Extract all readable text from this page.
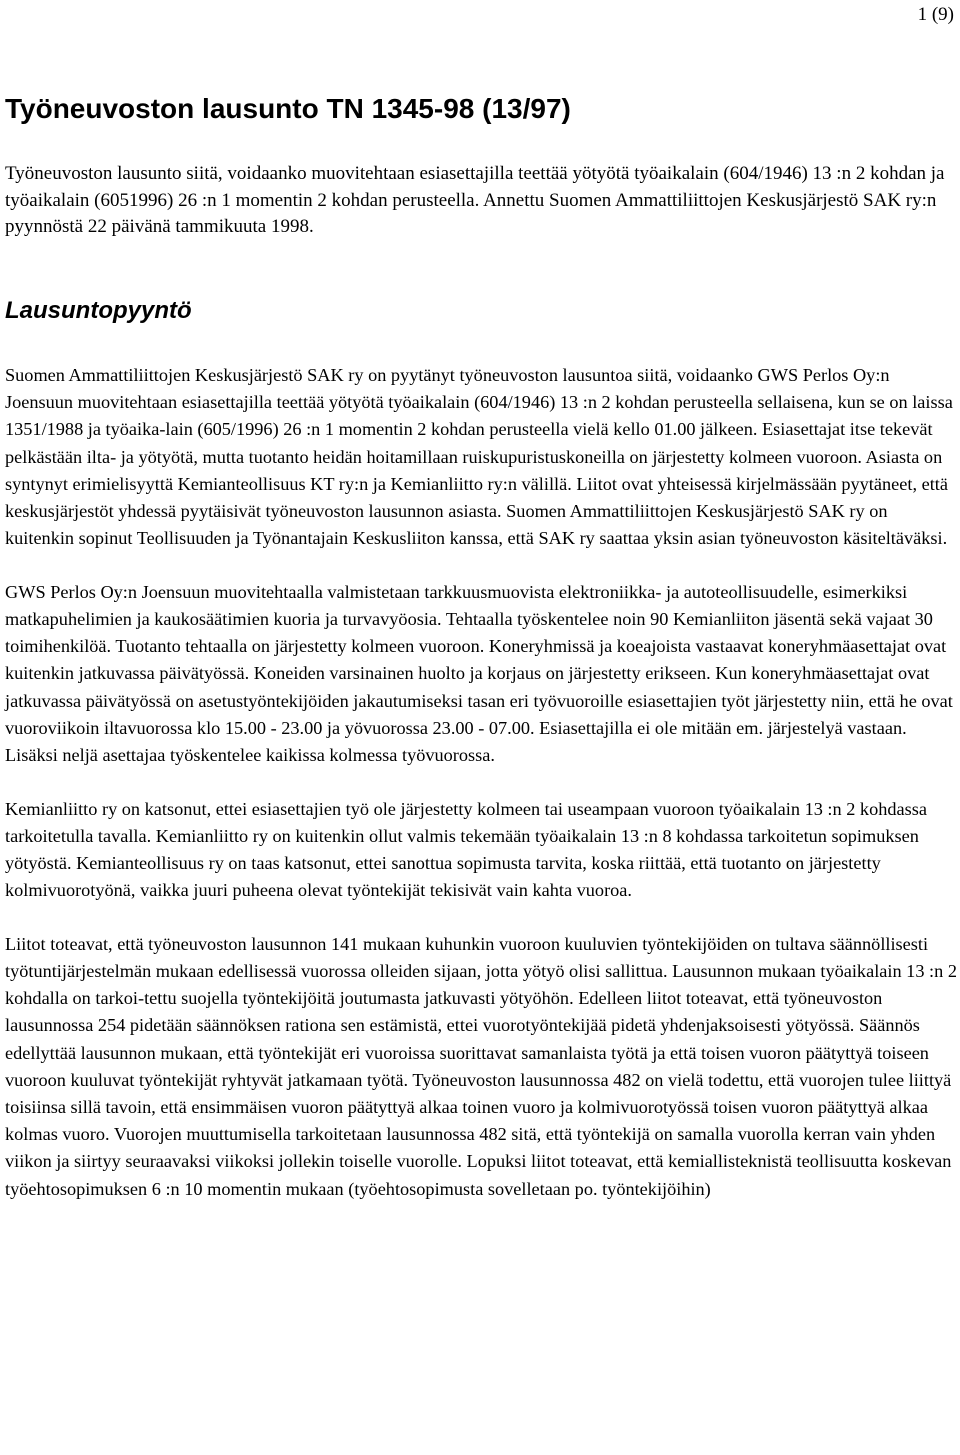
1 (9)
Työneuvoston lausunto TN 1345-98 (13/97)

Työneuvoston lausunto siitä, voidaanko muovitehtaan esiasettajilla teettää yötyötä työaikalain (604/1946) 13 :n 2 kohdan ja työaikalain (6051996) 26 :n 1 momentin 2 kohdan perusteella. Annettu Suomen Ammattiliittojen Keskusjärjestö SAK ry:n pyynnöstä 22 päivänä tammikuuta 1998.

Lausuntopyyntö

Suomen Ammattiliittojen Keskusjärjestö SAK ry on pyytänyt työneuvoston lausuntoa siitä, voidaanko GWS Perlos Oy:n Joensuun muovitehtaan esiasettajilla teettää yötyötä työaikalain (604/1946) 13 :n 2 kohdan perusteella sellaisena, kun se on laissa 1351/1988 ja työaika-lain (605/1996) 26 :n 1 momentin 2 kohdan perusteella vielä kello 01.00 jälkeen. Esiasettajat itse tekevät pelkästään ilta- ja yötyötä, mutta tuotanto heidän hoitamillaan ruiskupuristuskoneilla on järjestetty kolmeen vuoroon. Asiasta on syntynyt erimielisyyttä Kemianteollisuus KT ry:n ja Kemianliitto ry:n välillä. Liitot ovat yhteisessä kirjelmässään pyytäneet, että keskusjärjestöt yhdessä pyytäisivät työneuvoston lausunnon asiasta. Suomen Ammattiliittojen Keskusjärjestö SAK ry on kuitenkin sopinut Teollisuuden ja Työnantajain Keskusliiton kanssa, että SAK ry saattaa yksin asian työneuvoston käsiteltäväksi.

GWS Perlos Oy:n Joensuun muovitehtaalla valmistetaan tarkkuusmuovista elektroniikka- ja autoteollisuudelle, esimerkiksi matkapuhelimien ja kaukosäätimien kuoria ja turvavyöosia. Tehtaalla työskentelee noin 90 Kemianliiton jäsentä sekä vajaat 30 toimihenkilöä. Tuotanto tehtaalla on järjestetty kolmeen vuoroon. Koneryhmissä ja koeajoista vastaavat koneryhmäasettajat ovat kuitenkin jatkuvassa päivätyössä. Koneiden varsinainen huolto ja korjaus on järjestetty erikseen. Kun koneryhmäasettajat ovat jatkuvassa päivätyössä on asetustyöntekijöiden jakautumiseksi tasan eri työvuoroille esiasettajien työt järjestetty niin, että he ovat vuoroviikoin iltavuorossa klo 15.00 - 23.00 ja yövuorossa 23.00 - 07.00. Esiasettajilla ei ole mitään em. järjestelyä vastaan. Lisäksi neljä asettajaa työskentelee kaikissa kolmessa työvuorossa.

Kemianliitto ry on katsonut, ettei esiasettajien työ ole järjestetty kolmeen tai useampaan vuoroon työaikalain 13 :n 2 kohdassa tarkoitetulla tavalla. Kemianliitto ry on kuitenkin ollut valmis tekemään työaikalain 13 :n 8 kohdassa tarkoitetun sopimuksen yötyöstä. Kemianteollisuus ry on taas katsonut, ettei sanottua sopimusta tarvita, koska riittää, että tuotanto on järjestetty kolmivuorotyönä, vaikka juuri puheena olevat työntekijät tekisivät vain kahta vuoroa.

Liitot toteavat, että työneuvoston lausunnon 141 mukaan kuhunkin vuoroon kuuluvien työntekijöiden on tultava säännöllisesti työtuntijärjestelmän mukaan edellisessä vuorossa olleiden sijaan, jotta yötyö olisi sallittua. Lausunnon mukaan työaikalain 13 :n 2 kohdalla on tarkoi-tettu suojella työntekijöitä joutumasta jatkuvasti yötyöhön. Edelleen liitot toteavat, että työneuvoston lausunnossa 254 pidetään säännöksen rationa sen estämistä, ettei vuorotyöntekijää pidetä yhdenjaksoisesti yötyössä. Säännös edellyttää lausunnon mukaan, että työntekijät eri vuoroissa suorittavat samanlaista työtä ja että toisen vuoron päätyttyä toiseen vuoroon kuuluvat työntekijät ryhtyvät jatkamaan työtä. Työneuvoston lausunnossa 482 on vielä todettu, että vuorojen tulee liittyä toisiinsa sillä tavoin, että ensimmäisen vuoron päätyttyä alkaa toinen vuoro ja kolmivuorotyössä toisen vuoron päätyttyä alkaa kolmas vuoro. Vuorojen muuttumisella tarkoitetaan lausunnossa 482 sitä, että työntekijä on samalla vuorolla kerran vain yhden viikon ja siirtyy seuraavaksi viikoksi jollekin toiselle vuorolle. Lopuksi liitot toteavat, että kemiallisteknistä teollisuutta koskevan työehtosopimuksen 6 :n 10 momentin mukaan (työehtosopimusta sovelletaan po. työntekijöihin)
